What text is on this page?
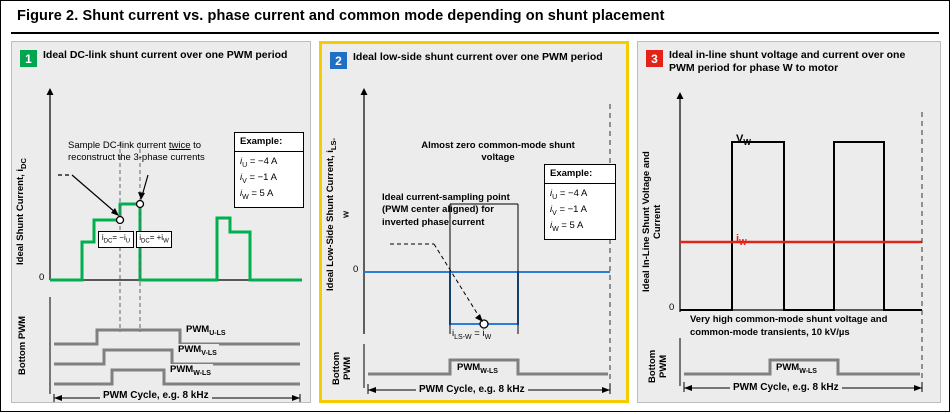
Figure 2. Shunt current vs. phase current and common mode depending on shunt placement
1	Ideal DC-link shunt current over one PWM period
Ideal Shunt Current, $i_{DC}$
0
Sample DC-link current twice to reconstruct the 3-phase currents
Example:
$i_U = -4$ A
$i_V = -1$ A
$i_W = 5$ A
$i_{DC}= -i_U$	$i_{DC}= +i_W$
Bottom PWM	$PWM_{U-LS}$
$PWM_{V-LS}$
$PWM_{W-LS}$
PWM Cycle, e.g. 8 kHz
2	Ideal low-side shunt current over one PWM period
Ideal Low-Side Shunt Current, $i_{LS-W}$
0
Almost zero common-mode shunt voltage
Ideal current-sampling point (PWM center aligned) for inverted phase current
Example:
$i_U = -4$ A
$i_V = -1$ A
$i_W = 5$ A
$i_{LS-W} = i_W$
Bottom PWM	$PWM_{W-LS}$
PWM Cycle, e.g. 8 kHz
3	Ideal in-line shunt voltage and current over one PWM period for phase W to motor
Ideal In-Line Shunt Voltage and Current
0
$V_W$
$i_W$
Very high common-mode shunt voltage and common-mode transients, 10 kV/µs
Bottom PWM	$PWM_{W-LS}$
PWM Cycle, e.g. 8 kHz
